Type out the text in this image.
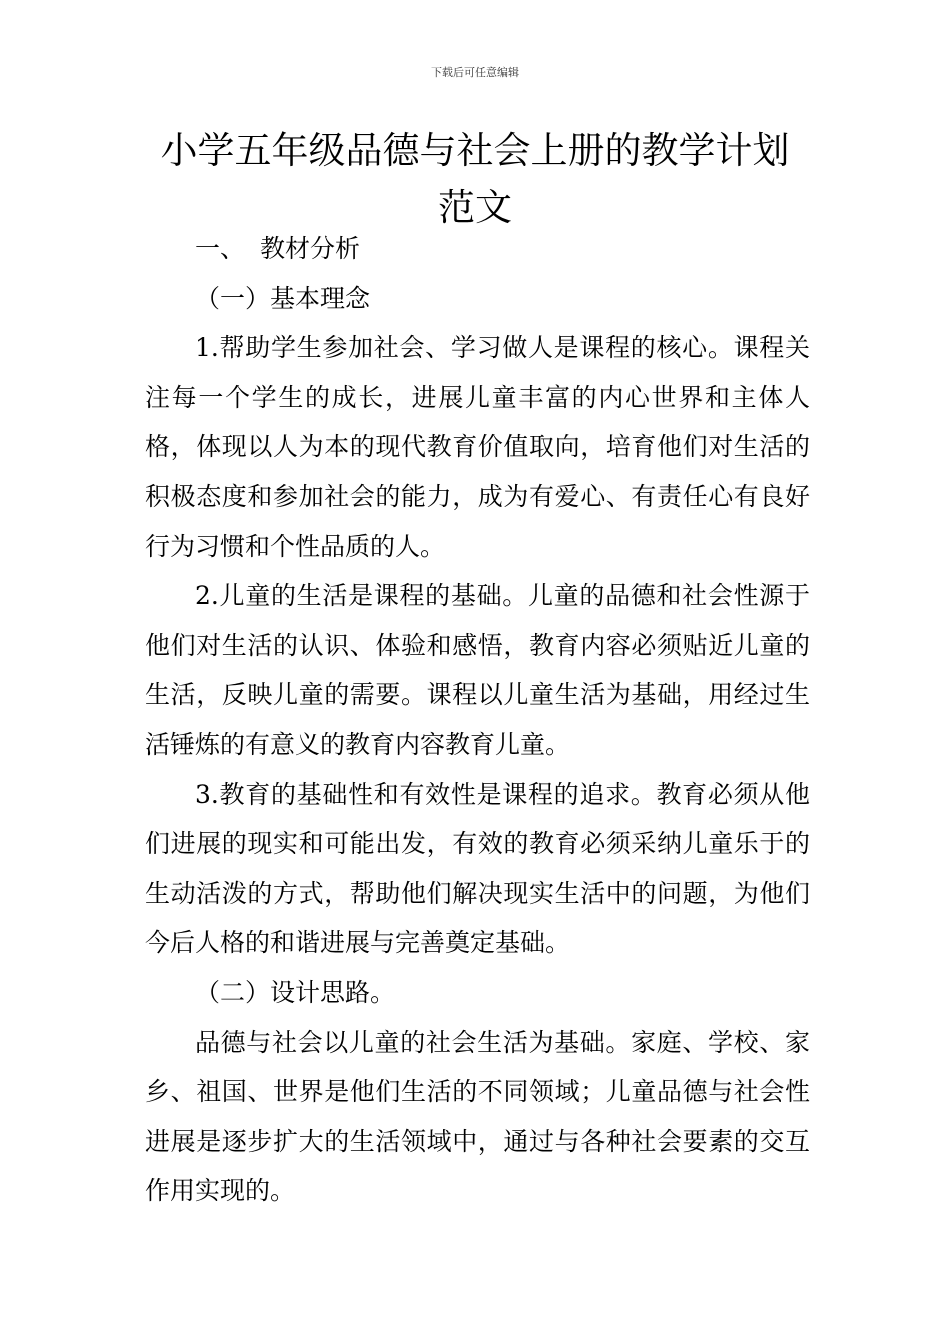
下载后可任意编辑
小学五年级品德与社会上册的教学计划范文

一、 教材分析

（一）基本理念

1.帮助学生参加社会、学习做人是课程的核心。课程关注每一个学生的成长，进展儿童丰富的内心世界和主体人格，体现以人为本的现代教育价值取向，培育他们对生活的积极态度和参加社会的能力，成为有爱心、有责任心有良好行为习惯和个性品质的人。

2.儿童的生活是课程的基础。儿童的品德和社会性源于他们对生活的认识、体验和感悟，教育内容必须贴近儿童的生活，反映儿童的需要。课程以儿童生活为基础，用经过生活锤炼的有意义的教育内容教育儿童。

3.教育的基础性和有效性是课程的追求。教育必须从他们进展的现实和可能出发，有效的教育必须采纳儿童乐于的生动活泼的方式，帮助他们解决现实生活中的问题，为他们今后人格的和谐进展与完善奠定基础。

（二）设计思路。

品德与社会以儿童的社会生活为基础。家庭、学校、家乡、祖国、世界是他们生活的不同领域；儿童品德与社会性进展是逐步扩大的生活领域中，通过与各种社会要素的交互作用实现的。
